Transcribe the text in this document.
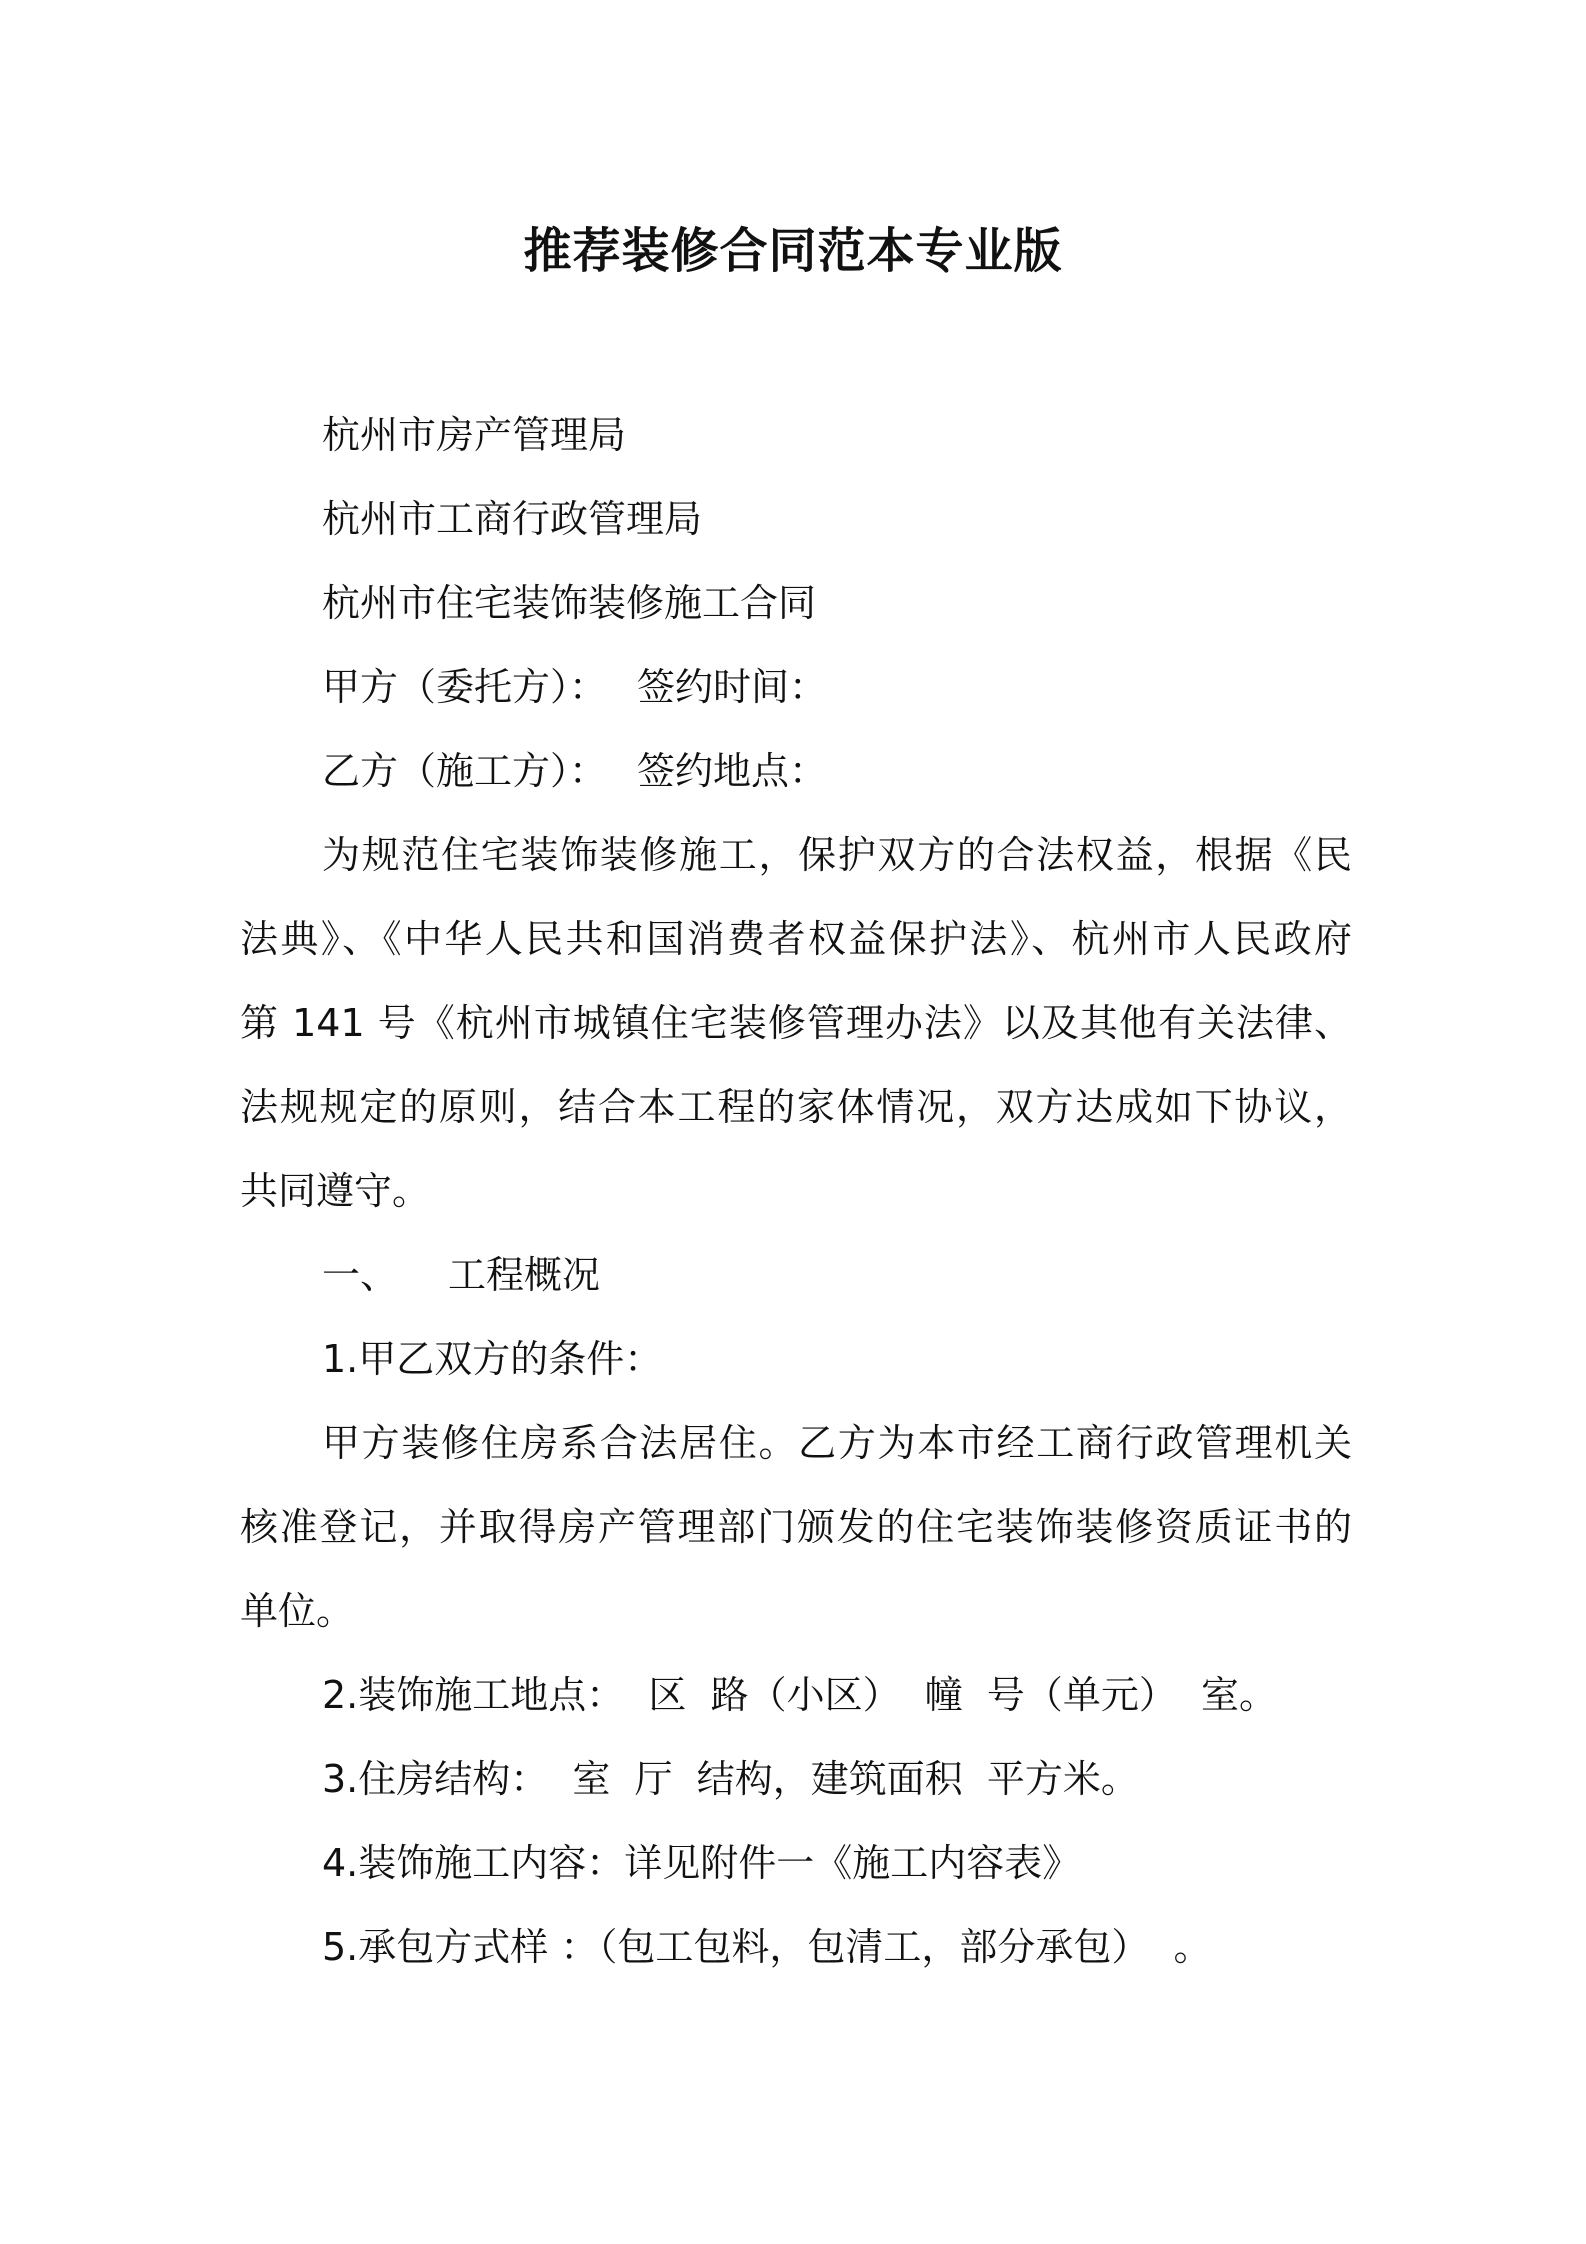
推荐装修合同范本专业版
杭州市房产管理局
杭州市工商行政管理局
杭州市住宅装饰装修施工合同
甲方（委托方）： 签约时间：
乙方（施工方）： 签约地点：
为规范住宅装饰装修施工，保护双方的合法权益，根据《民
法典》、《中华人民共和国消费者权益保护法》、杭州市人民政府
第 141 号《杭州市城镇住宅装修管理办法》以及其他有关法律、
法规规定的原则，结合本工程的家体情况，双方达成如下协议，
共同遵守。
一、 工程概况
1.甲乙双方的条件：
甲方装修住房系合法居住。乙方为本市经工商行政管理机关
核准登记，并取得房产管理部门颁发的住宅装饰装修资质证书的
单位。
2.装饰施工地点：  区  路（小区）  幢  号（单元）  室。
3.住房结构：  室  厅  结构，建筑面积  平方米。
4.装饰施工内容：详见附件一《施工内容表》
5.承包方式样 ：（包工包料，包清工，部分承包）  。
